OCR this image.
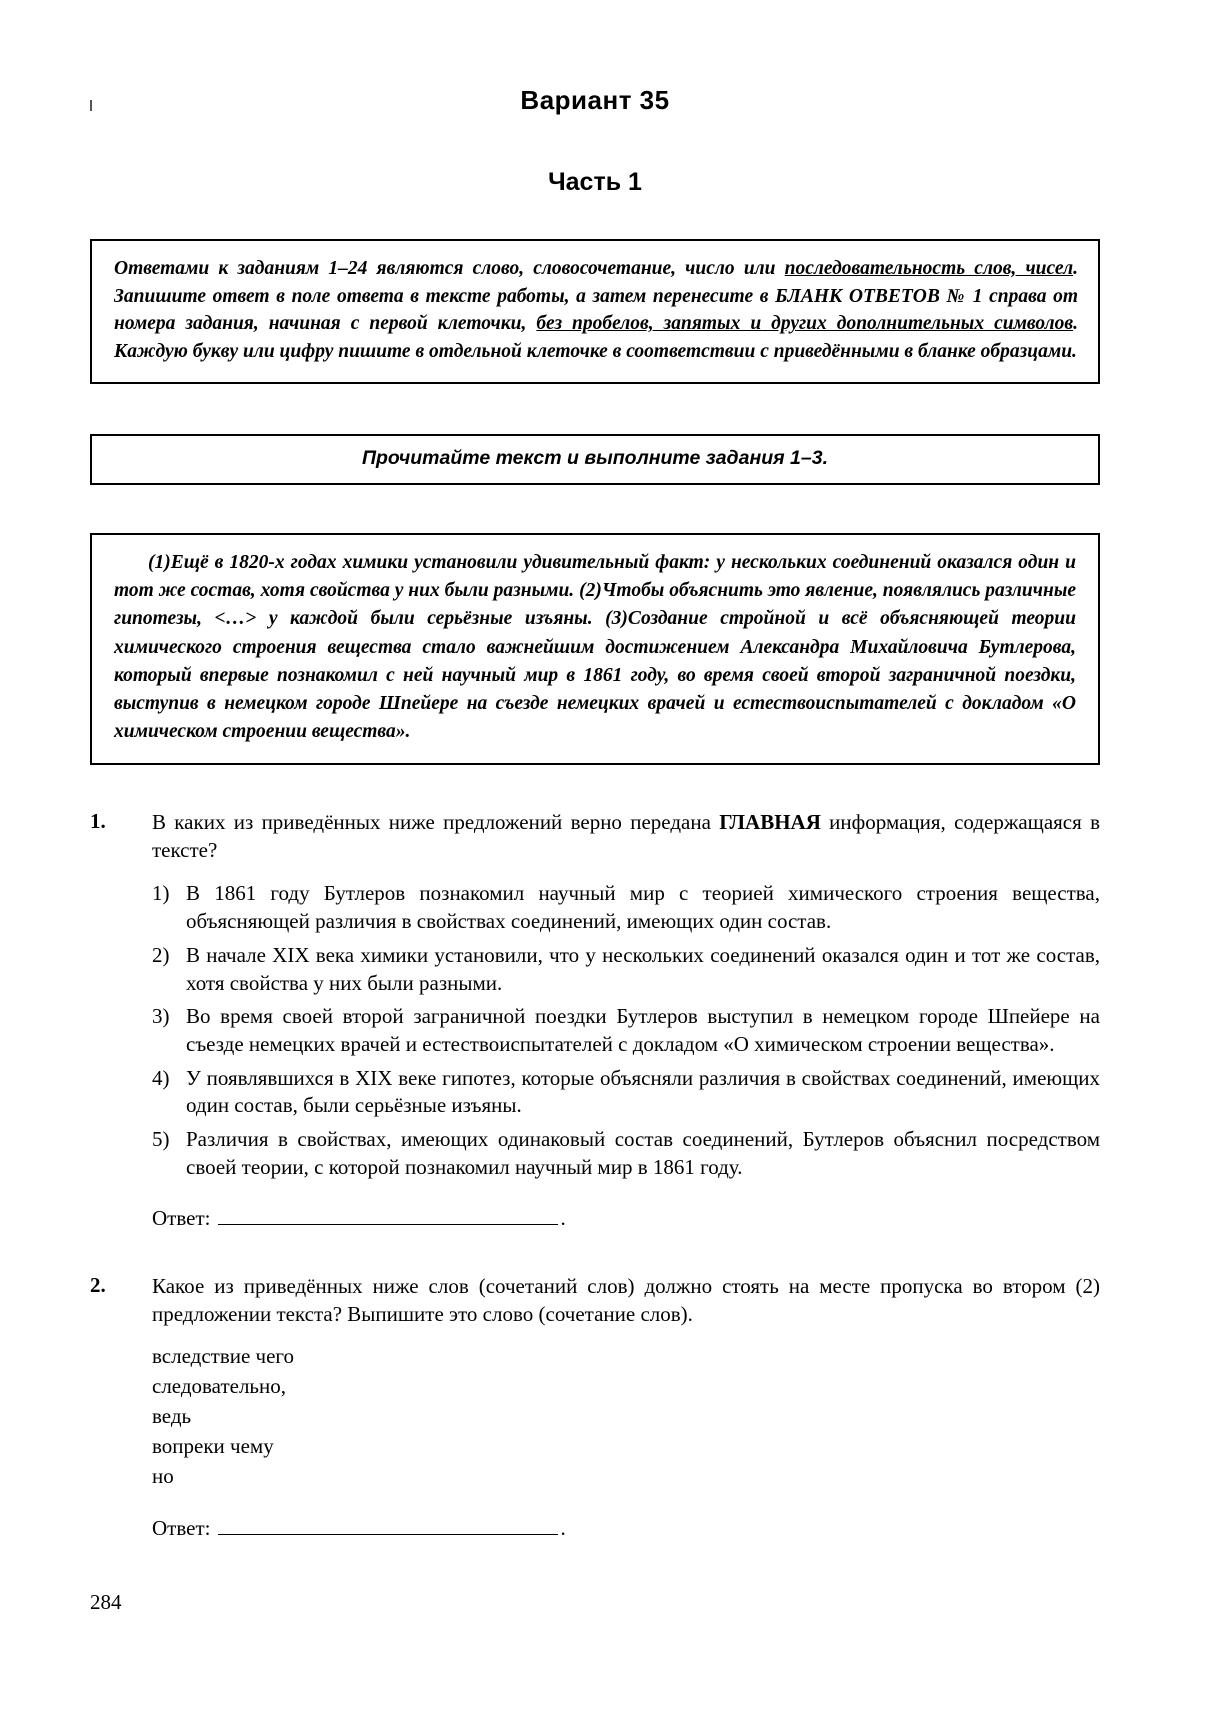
Вариант 35
Часть 1

Ответами к заданиям 1–24 являются слово, словосочетание, число или последовательность слов, чисел. Запишите ответ в поле ответа в тексте работы, а затем перенесите в БЛАНК ОТВЕТОВ № 1 справа от номера задания, начиная с первой клеточки, без пробелов, запятых и других дополнительных символов. Каждую букву или цифру пишите в отдельной клеточке в соответствии с приведёнными в бланке образцами.

Прочитайте текст и выполните задания 1–3.

(1)Ещё в 1820-х годах химики установили удивительный факт: у нескольких соединений оказался один и тот же состав, хотя свойства у них были разными. (2)Чтобы объяснить это явление, появлялись различные гипотезы, <…> у каждой были серьёзные изъяны. (3)Создание стройной и всё объясняющей теории химического строения вещества стало важнейшим достижением Александра Михайловича Бутлерова, который впервые познакомил с ней научный мир в 1861 году, во время своей второй заграничной поездки, выступив в немецком городе Шпейере на съезде немецких врачей и естествоиспытателей с докладом «О химическом строении вещества».

1.	В каких из приведённых ниже предложений верно передана ГЛАВНАЯ информация, содержащаяся в тексте?

1) В 1861 году Бутлеров познакомил научный мир с теорией химического строения вещества, объясняющей различия в свойствах соединений, имеющих один состав.
2) В начале XIX века химики установили, что у нескольких соединений оказался один и тот же состав, хотя свойства у них были разными.
3) Во время своей второй заграничной поездки Бутлеров выступил в немецком городе Шпейере на съезде немецких врачей и естествоиспытателей с докладом «О химическом строении вещества».
4) У появлявшихся в XIX веке гипотез, которые объясняли различия в свойствах соединений, имеющих один состав, были серьёзные изъяны.
5) Различия в свойствах, имеющих одинаковый состав соединений, Бутлеров объяснил посредством своей теории, с которой познакомил научный мир в 1861 году.
Ответ:	.
2.	Какое из приведённых ниже слов (сочетаний слов) должно стоять на месте пропуска во втором (2) предложении текста? Выпишите это слово (сочетание слов).

вследствие чего
следовательно,
ведь
вопреки чему
но
Ответ:	.
284
